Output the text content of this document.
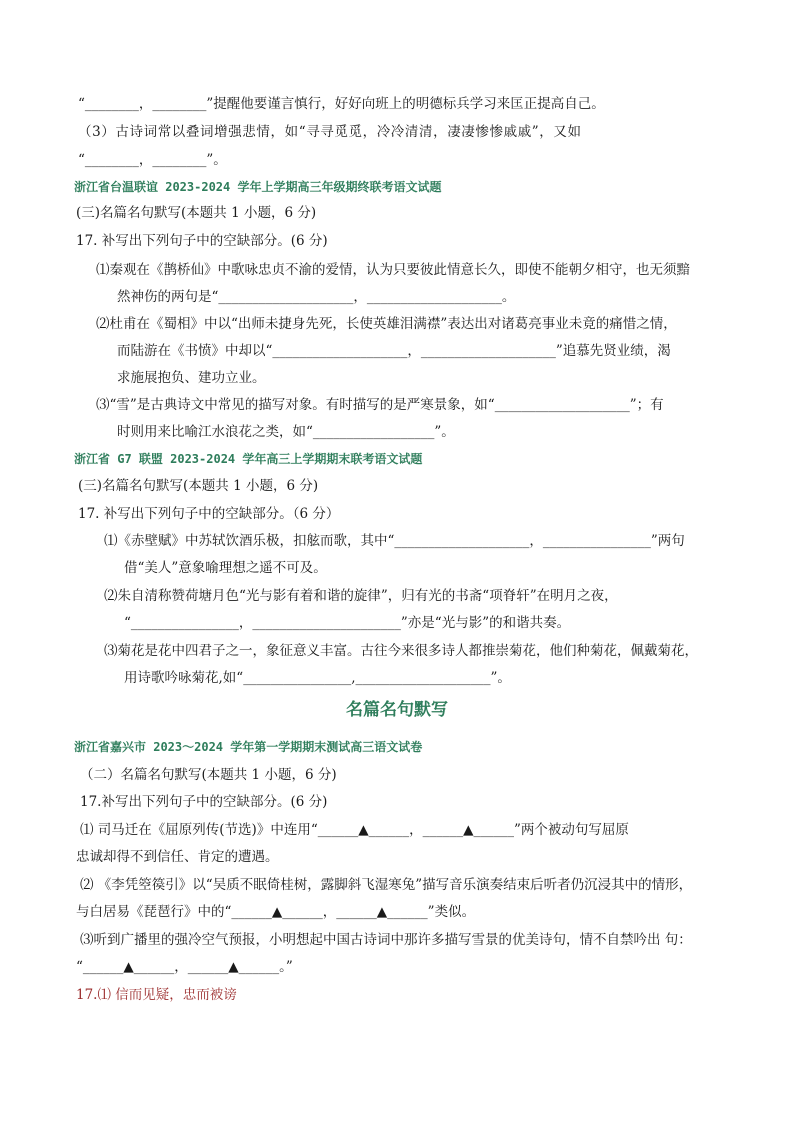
“________，________”提醒他要谨言慎行，好好向班上的明德标兵学习来匡正提高自己。
（3）古诗词常以叠词增强悲情，如“寻寻觅觅，冷冷清清，凄凄惨惨戚戚”，又如
“________，________”。
浙江省台温联谊 2023-2024 学年上学期高三年级期终联考语文试题
(三)名篇名句默写(本题共 1 小题，6 分)
17. 补写出下列句子中的空缺部分。(6 分)
⑴秦观在《鹊桥仙》中歌咏忠贞不渝的爱情，认为只要彼此情意长久，即使不能朝夕相守，也无须黯
然神伤的两句是“____________________，____________________。
⑵杜甫在《蜀相》中以“出师未捷身先死，长使英雄泪满襟”表达出对诸葛亮事业未竟的痛惜之情，
而陆游在《书愤》中却以“____________________，____________________”追慕先贤业绩，渴
求施展抱负、建功立业。
⑶“雪”是古典诗文中常见的描写对象。有时描写的是严寒景象，如“____________________”；有
时则用来比喻江水浪花之类，如“__________________”。
浙江省 G7 联盟 2023-2024 学年高三上学期期末联考语文试题
(三)名篇名句默写(本题共 1 小题，6 分)
17. 补写出下列句子中的空缺部分。（6 分）
⑴《赤壁赋》中苏轼饮酒乐极，扣舷而歌，其中“____________________，________________”两句
借“美人”意象喻理想之遥不可及。
⑵朱自清称赞荷塘月色“光与影有着和谐的旋律”，归有光的书斋“项脊轩”在明月之夜，
“________________，______________________”亦是“光与影”的和谐共奏。
⑶菊花是花中四君子之一，象征意义丰富。古往今来很多诗人都推崇菊花，他们种菊花，佩戴菊花，
用诗歌吟咏菊花,如“________________,____________________”。
名篇名句默写
浙江省嘉兴市 2023～2024 学年第一学期期末测试高三语文试卷
（二）名篇名句默写(本题共 1 小题，6 分)
17.补写出下列句子中的空缺部分。(6 分)
⑴ 司马迁在《屈原列传(节选)》中连用“______▲______，______▲______”两个被动句写屈原
忠诚却得不到信任、肯定的遭遇。
⑵ 《李凭箜篌引》以“吴质不眠倚桂树，露脚斜飞湿寒兔”描写音乐演奏结束后听者仍沉浸其中的情形，
与白居易《琵琶行》中的“______▲______，______▲______”类似。
⑶听到广播里的强冷空气预报，小明想起中国古诗词中那许多描写雪景的优美诗句，情不自禁吟出 句：
“______▲______，______▲______。”
17.⑴ 信而见疑，忠而被谤
